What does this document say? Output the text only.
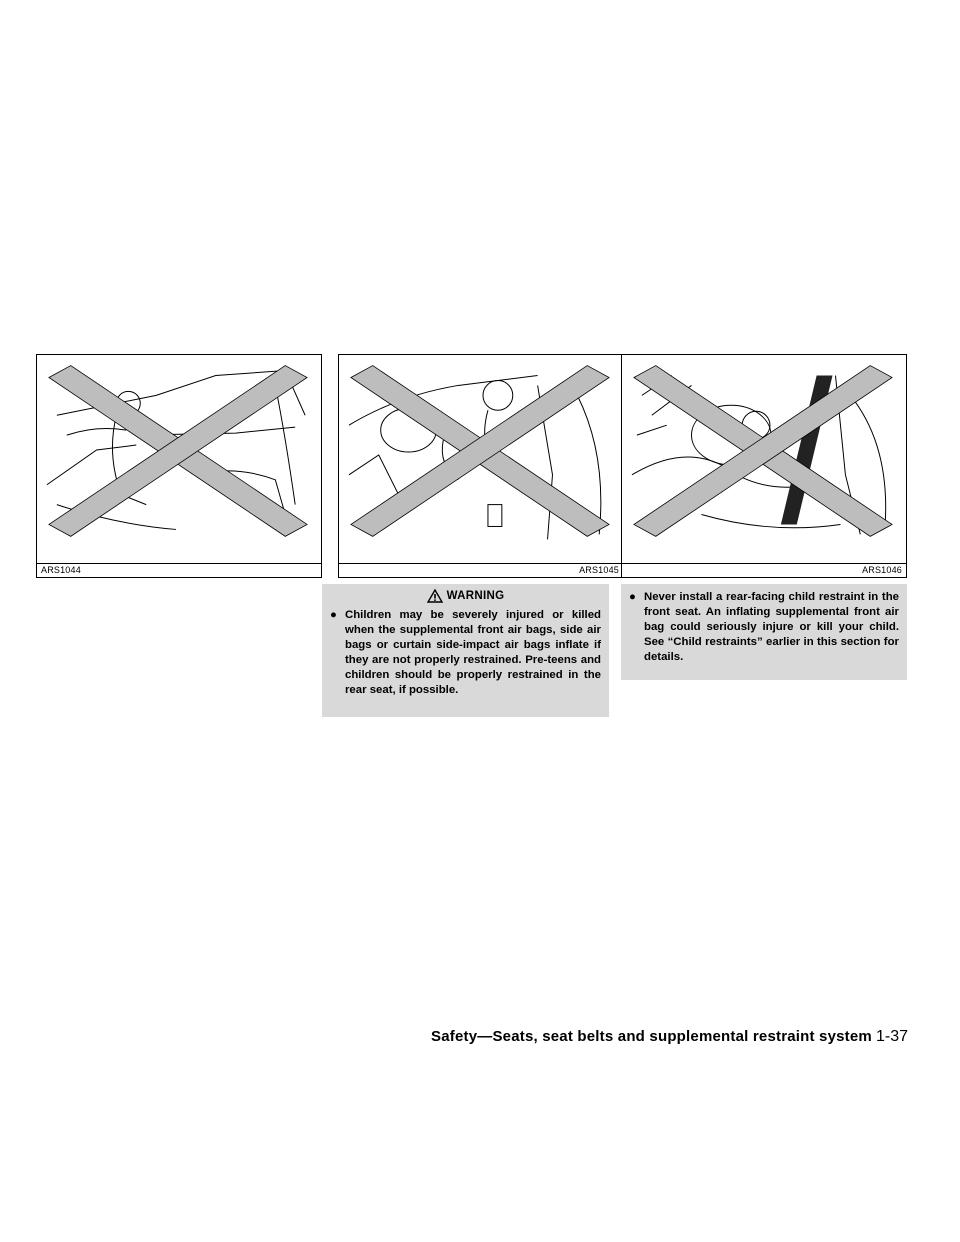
ARS1044	ARS1045	ARS1046
WARNING
● Children may be severely injured or killed when the supplemental front air bags, side air bags or curtain side-impact air bags inflate if they are not properly restrained. Pre-teens and children should be properly restrained in the rear seat, if possible.
● Never install a rear-facing child restraint in the front seat. An inflating supplemental front air bag could seriously injure or kill your child. See “Child restraints” earlier in this section for details.
Safety—Seats, seat belts and supplemental restraint system 1-37
